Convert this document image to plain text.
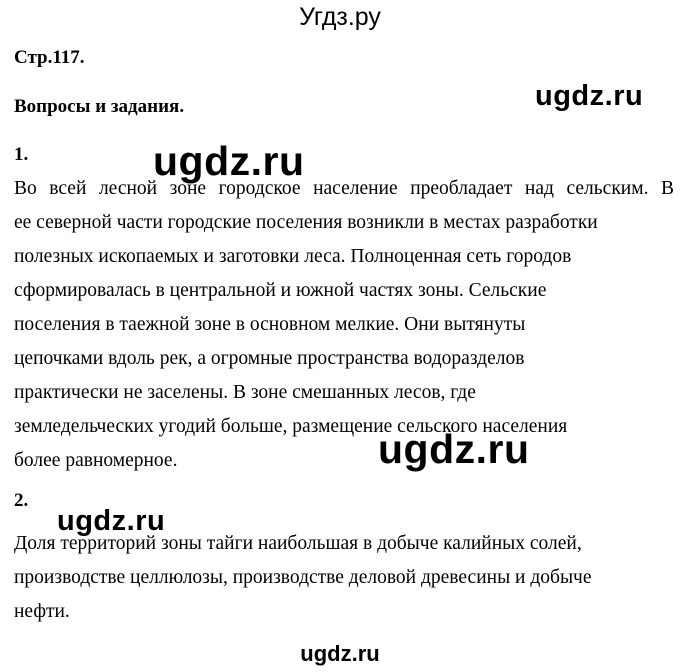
Угдз.ру
Стр.117.
Вопросы и задания.
1.
Во всей лесной зоне городское население преобладает над сельским. В
ее северной части городские поселения возникли в местах разработки
полезных ископаемых и заготовки леса. Полноценная сеть городов
сформировалась в центральной и южной частях зоны. Сельские
поселения в таежной зоне в основном мелкие. Они вытянуты
цепочками вдоль рек, а огромные пространства водоразделов
практически не заселены. В зоне смешанных лесов, где
земледельческих угодий больше, размещение сельского населения
более равномерное.
2.
Доля территорий зоны тайги наибольшая в добыче калийных солей,
производстве целлюлозы, производстве деловой древесины и добыче
нефти.
ugdz.ru
ugdz.ru
ugdz.ru
ugdz.ru
ugdz.ru
